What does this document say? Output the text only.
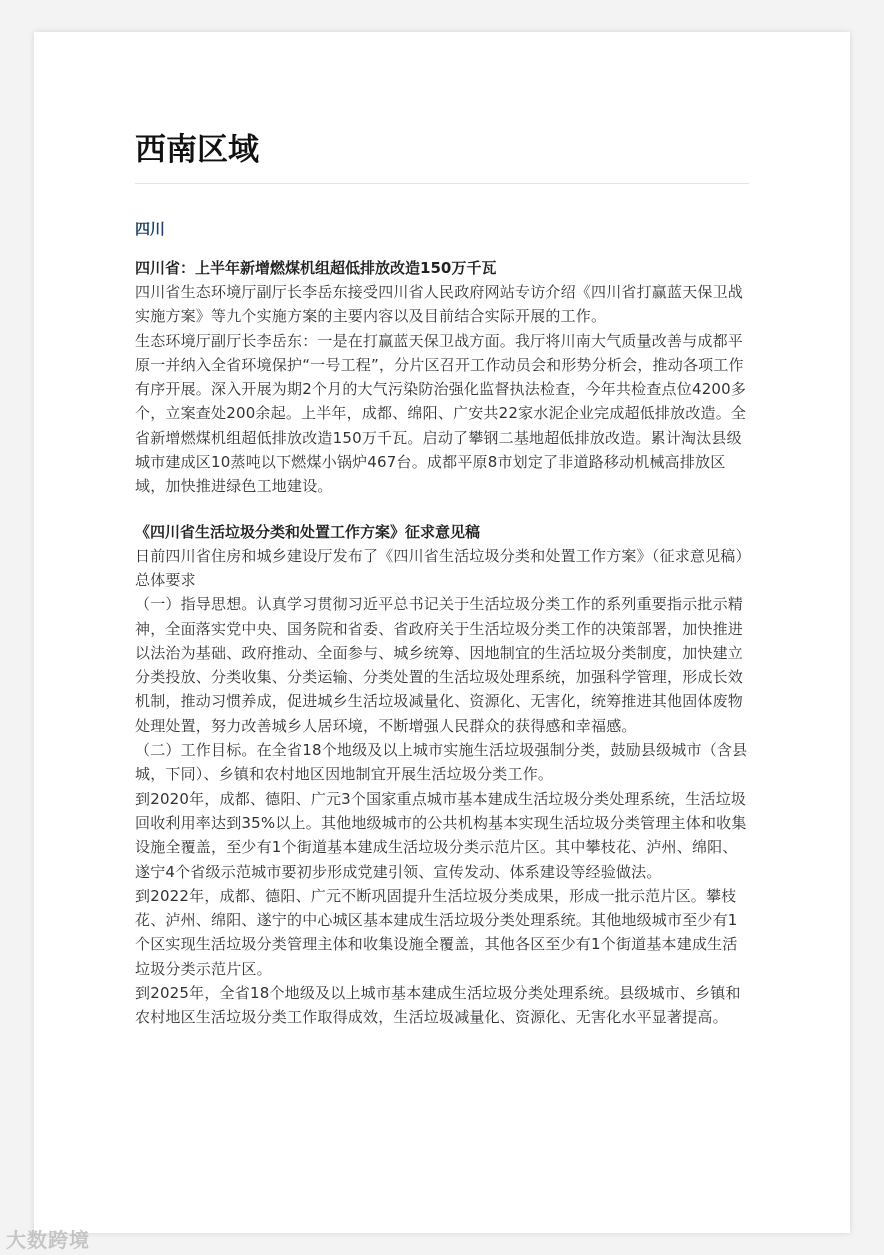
西南区域
四川
四川省：上半年新增燃煤机组超低排放改造150万千瓦

四川省生态环境厅副厅长李岳东接受四川省人民政府网站专访介绍《四川省打赢蓝天保卫战实施方案》等九个实施方案的主要内容以及目前结合实际开展的工作。

生态环境厅副厅长李岳东：一是在打赢蓝天保卫战方面。我厅将川南大气质量改善与成都平原一并纳入全省环境保护“一号工程”，分片区召开工作动员会和形势分析会，推动各项工作有序开展。深入开展为期2个月的大气污染防治强化监督执法检查，今年共检查点位4200多个，立案查处200余起。上半年，成都、绵阳、广安共22家水泥企业完成超低排放改造。全省新增燃煤机组超低排放改造150万千瓦。启动了攀钢二基地超低排放改造。累计淘汰县级城市建成区10蒸吨以下燃煤小锅炉467台。成都平原8市划定了非道路移动机械高排放区域，加快推进绿色工地建设。

《四川省生活垃圾分类和处置工作方案》征求意见稿

日前四川省住房和城乡建设厅发布了《四川省生活垃圾分类和处置工作方案》（征求意见稿）

总体要求

（一）指导思想。认真学习贯彻习近平总书记关于生活垃圾分类工作的系列重要指示批示精神，全面落实党中央、国务院和省委、省政府关于生活垃圾分类工作的决策部署，加快推进以法治为基础、政府推动、全面参与、城乡统筹、因地制宜的生活垃圾分类制度，加快建立分类投放、分类收集、分类运输、分类处置的生活垃圾处理系统，加强科学管理，形成长效机制，推动习惯养成，促进城乡生活垃圾减量化、资源化、无害化，统筹推进其他固体废物处理处置，努力改善城乡人居环境，不断增强人民群众的获得感和幸福感。

（二）工作目标。在全省18个地级及以上城市实施生活垃圾强制分类，鼓励县级城市（含县城，下同）、乡镇和农村地区因地制宜开展生活垃圾分类工作。

到2020年，成都、德阳、广元3个国家重点城市基本建成生活垃圾分类处理系统，生活垃圾回收利用率达到35%以上。其他地级城市的公共机构基本实现生活垃圾分类管理主体和收集设施全覆盖，至少有1个街道基本建成生活垃圾分类示范片区。其中攀枝花、泸州、绵阳、遂宁4个省级示范城市要初步形成党建引领、宣传发动、体系建设等经验做法。

到2022年，成都、德阳、广元不断巩固提升生活垃圾分类成果，形成一批示范片区。攀枝花、泸州、绵阳、遂宁的中心城区基本建成生活垃圾分类处理系统。其他地级城市至少有1个区实现生活垃圾分类管理主体和收集设施全覆盖，其他各区至少有1个街道基本建成生活垃圾分类示范片区。

到2025年，全省18个地级及以上城市基本建成生活垃圾分类处理系统。县级城市、乡镇和农村地区生活垃圾分类工作取得成效，生活垃圾减量化、资源化、无害化水平显著提高。

大数跨境
